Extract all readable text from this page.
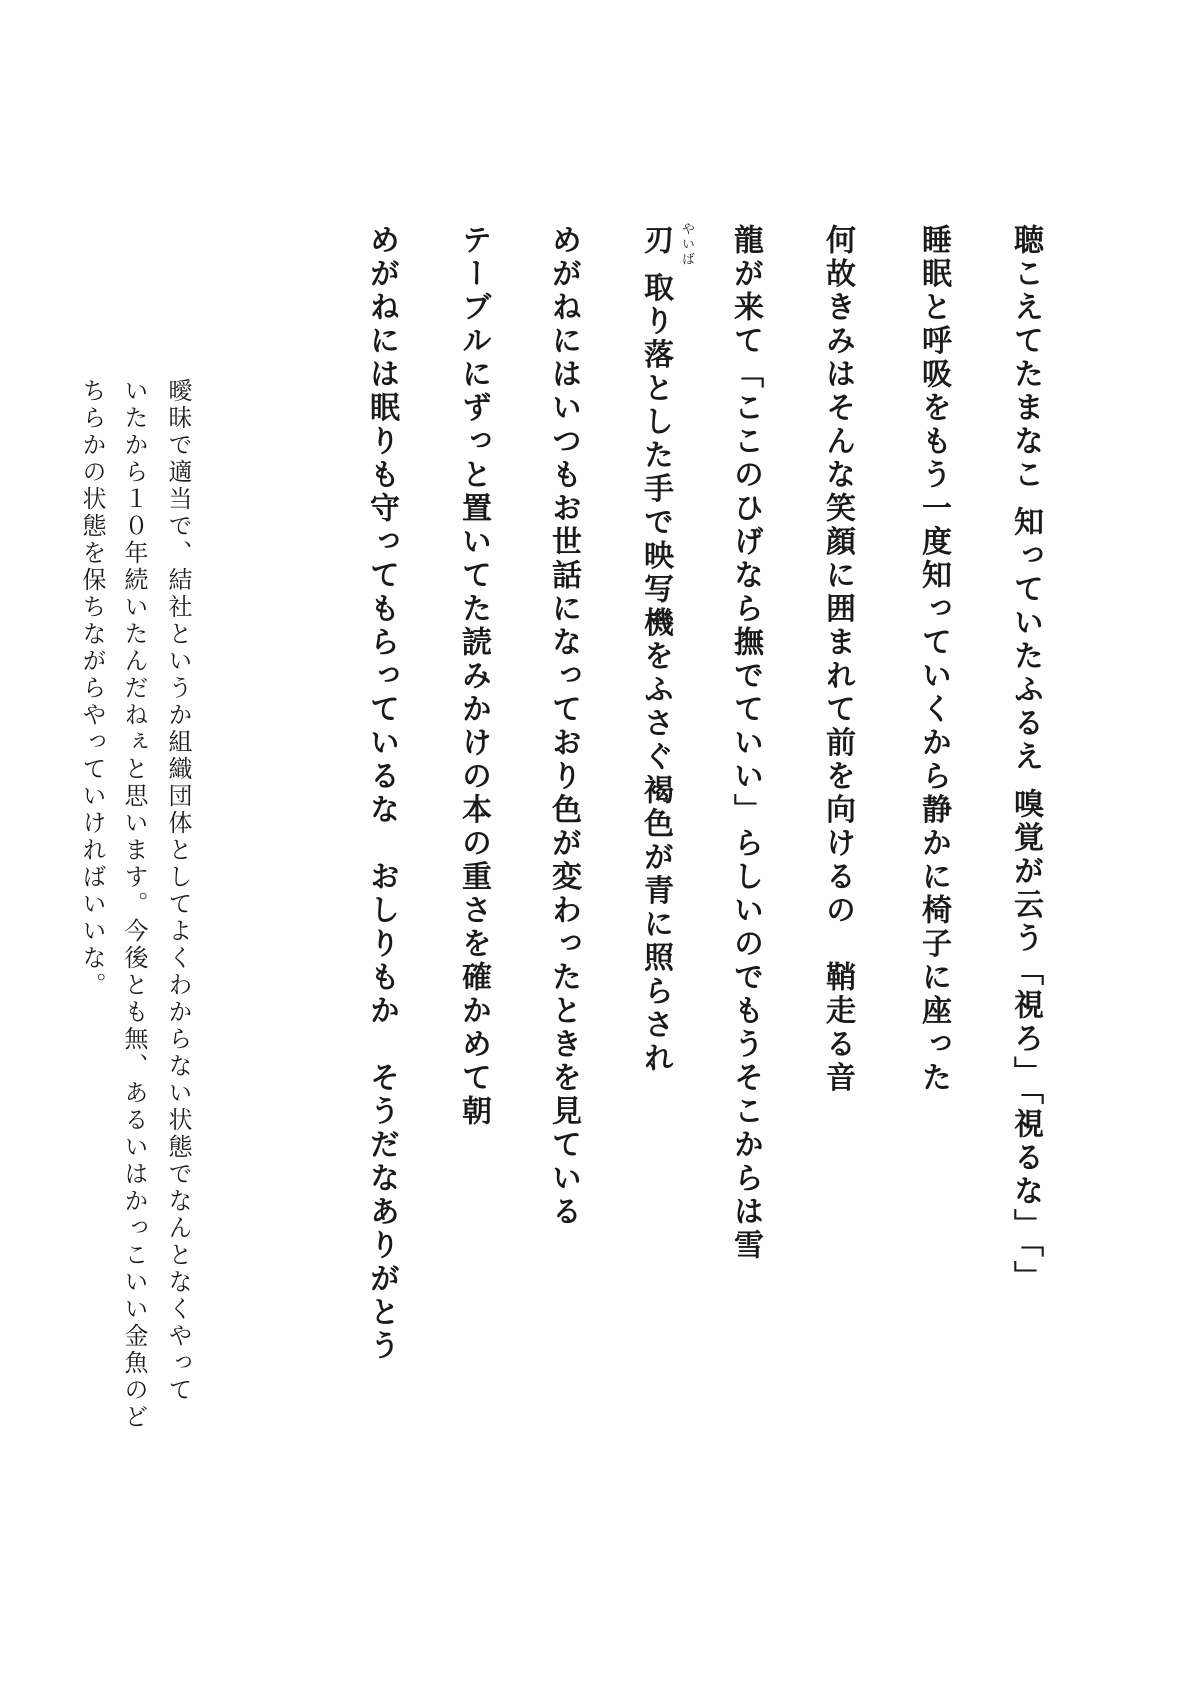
聴こえてたまなこ 知っていたふるえ 嗅覚が云う「視ろ」「視るな」「」
睡眠と呼吸をもう一度知っていくから静かに椅子に座った
何故きみはそんな笑顔に囲まれて前を向けるの　鞘走る音
龍が来て「ここのひげなら撫でていい」らしいのでもうそこからは雪
やいば
刃 取り落とした手で映写機をふさぐ褐色が青に照らされ
めがねにはいつもお世話になっており色が変わったときを見ている
テーブルにずっと置いてた読みかけの本の重さを確かめて朝
めがねには眠りも守ってもらっているな　おしりもか　そうだなありがとう
曖昧で適当で、結社というか組織団体としてよくわからない状態でなんとなくやって
いたから１０年続いたんだねぇと思います。今後とも無、あるいはかっこいい金魚のど
ちらかの状態を保ちながらやっていければいいな。
